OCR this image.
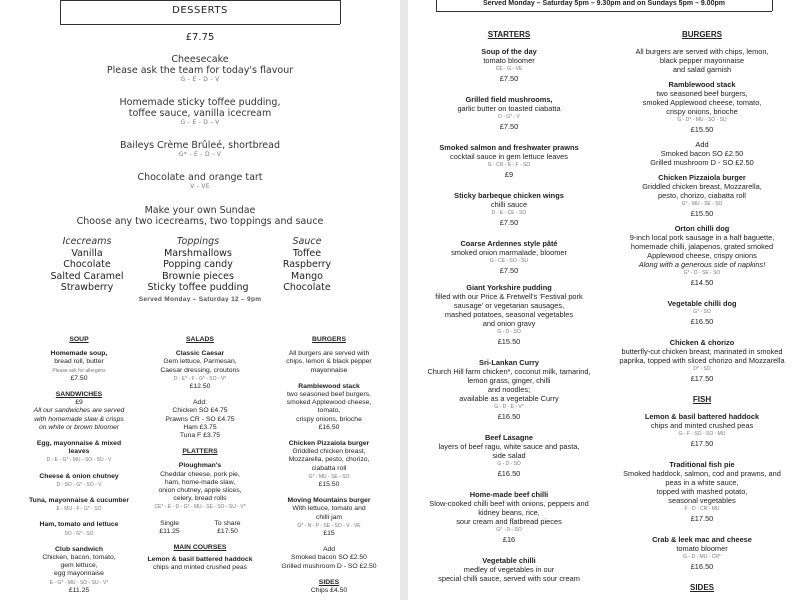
DESSERTS
£7.75
Cheesecake
Please ask the team for today's flavour
G - E - D - V
Homemade sticky toffee pudding,
toffee sauce, vanilla icecream
G - E - D - V
Baileys Crème Brûleé, shortbread
G* - E - D - V
Chocolate and orange tart
V - VE
Make your own Sundae
Choose any two icecreams, two toppings and sauce
Icecreams
Vanilla
Chocolate
Salted Caramel
Strawberry
Toppings
Marshmallows
Popping candy
Brownie pieces
Sticky toffee pudding
Sauce
Toffee
Raspberry
Mango
Chocolate
Served Monday – Saturday 12 – 9pm
SOUP
Homemade soup,
bread roll, butter
Please ask for allergens
£7.50
SANDWICHES
£9
All our sandwiches are served
with homemade slaw & crisps
on white or brown bloomer
Egg, mayonnaise & mixed leaves
D - E - G* - MU - SO - SU - V
Cheese & onion chutney
D - SO - G* - SO - V
Tuna, mayonnaise & cucumber
E - MU - F - G* - SO
Ham, tomato and lettuce
SO - G* - SO
Club sandwich
Chicken, bacon, tomato,
gem lettuce,
egg mayonnaise
E - G* - MU - SO - SU - V*
£11.25
SALADS
Classic Caesar
Gem lettuce, Parmesan,
Caesar dressing, croutons
D - E* - F - G* - SO - V*
£12.50
Add:
Chicken SO £4.75
Prawns CR - SO £4.75
Ham £3.75
Tuna F £3.75
PLATTERS
Ploughman's
Cheddar cheese, pork pie,
ham, home-made slaw,
onion chutney, apple slices,
celery, bread rolls
CE* - E - D - G* - MU - SE - SO - SU - V*
Single
£11.25
To share
£17.50
MAIN COURSES
Lemon & basil battered haddock
chips and minted crushed peas
BURGERS
All burgers are served with
chips, lemon & black pepper
mayonnaise
Ramblewood stack
two seasoned beef burgers,
smoked Applewood cheese,
tomato,
crispy onions, brioche
£16.50
Chicken Pizzaiola burger
Griddled chicken breast,
Mozzarella, pesto, chorizo,
ciabatta roll
G* - MU - SE - SO
£15.50
Moving Mountains burger
With lettuce, tomato and
chilli jam
G* - N - P - SE - SO - V - VE
£15
Add
Smoked bacon SO £2.50
Grilled mushroom D - SO £2.50
SIDES
Chips £4.50
Served Monday – Saturday 5pm – 9.30pm and on Sundays 5pm – 9.00pm
STARTERS
Soup of the day
tomato bloomer
CE - G - VE
£7.50
Grilled field mushrooms,
garlic butter on toasted ciabatta
D - G* - V
£7.50
Smoked salmon and freshwater prawns
cocktail sauce in gem lettuce leaves
G - CR - E - F - SO
£9
Sticky barbeque chicken wings
chilli sauce
D - E - CE - SO
£7.50
Coarse Ardennes style pâté
smoked onion marmalade, bloomer
G - CE - SO - SU
£7.50
Giant Yorkshire pudding
filled with our Price & Fretwell's 'Festival pork
sausage' or vegetarian sausages,
mashed potatoes, seasonal vegetables
and onion gravy
G - D - SO
£15.50
Sri-Lankan Curry
Church Hill farm chicken*, coconut milk, tamarind,
lemon grass, ginger, chilli
and noodles;
available as a vegetable Curry
G - D - E - V*
£16.50
Beef Lasagne
layers of beef ragu, white sauce and pasta,
side salad
G - D - SO
£16.50
Home-made beef chilli
Slow-cooked chilli beef with onions, peppers and
kidney beans, rice,
sour cream and flatbread pieces
G* - D - SO
£16
Vegetable chilli
medley of vegetables in our
special chilli sauce, served with sour cream
BURGERS
All burgers are served with chips, lemon,
black pepper mayonnaise
and salad garnish
Ramblewood stack
two seasoned beef burgers,
smoked Applewood cheese, tomato,
crispy onions, brioche
G - D* - MU - SO - SU
£15.50
Add
Smoked bacon SO £2.50
Grilled mushroom D - SO £2.50
Chicken Pizzaiola burger
Griddled chicken breast, Mozzarella,
pesto, chorizo, ciabatta roll
G* - MU - SE - SO
£15.50
Orton chilli dog
9-inch local pork sausage in a half baguette,
homemade chilli, jalapenos, grated smoked
Applewood cheese, crispy onions
Along with a generous side of napkins!
G* - D - SE - SO
£14.50
Vegetable chilli dog
G* - SO
£16.50
Chicken & chorizo
butterfly-cut chicken breast, marinated in smoked
paprika, topped with sliced chorizo and Mozzarella
D* - SO
£17.50
FISH
Lemon & basil battered haddock
chips and minted crushed peas
G - F - SO - SO - MU
£17.50
Traditional fish pie
Smoked haddock, salmon, cod and prawns, and
peas in a white sauce,
topped with mashed potato,
seasonal vegetables
F - D - CR - MU
£17.50
Crab & leek mac and cheese
tomato bloomer
G - D - MU - CR*
£16.50
SIDES
